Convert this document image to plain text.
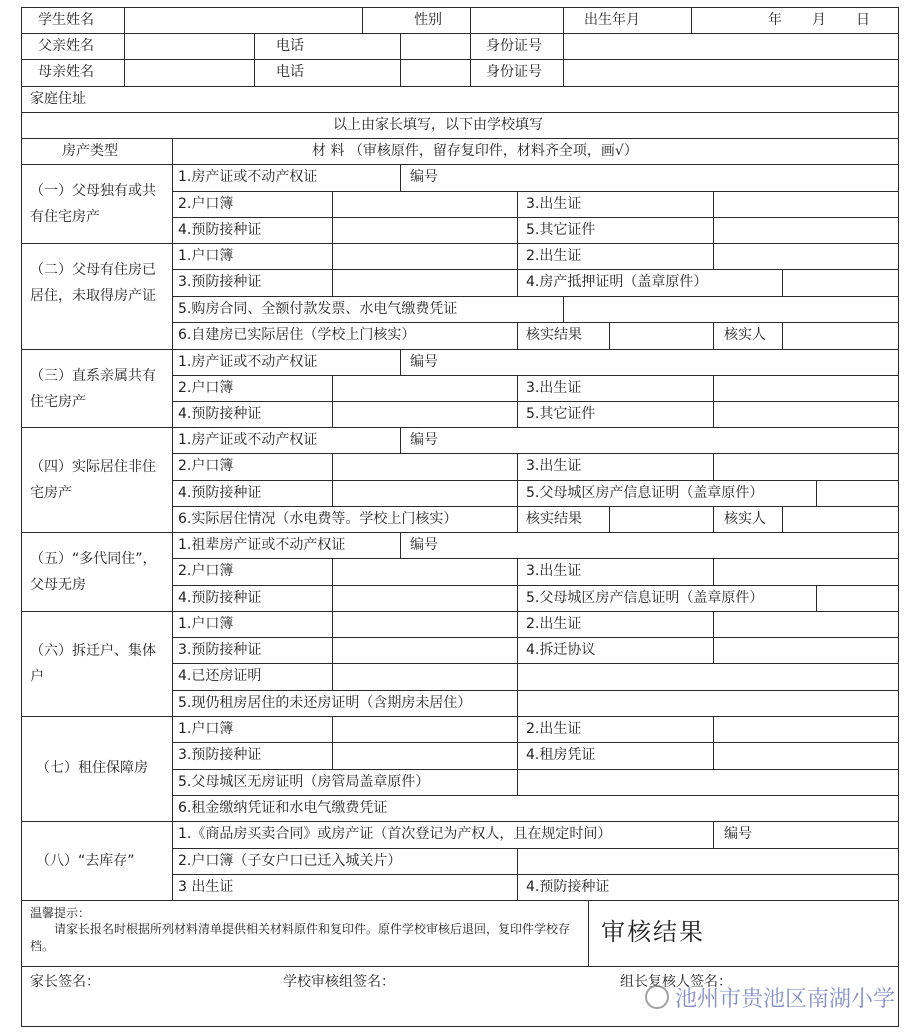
学生姓名	性别	出生年月	年 月 日
父亲姓名	电话	身份证号
母亲姓名	电话	身份证号
家庭住址
以上由家长填写，以下由学校填写
房产类型	材 料 （审核原件，留存复印件，材料齐全项，画√）
（一）父母独有或共有住宅房产
1.房产证或不动产权证	编号
2.户口簿	3.出生证
4.预防接种证	5.其它证件
（二）父母有住房已居住，未取得房产证
1.户口簿	2.出生证
3.预防接种证	4.房产抵押证明（盖章原件）
5.购房合同、全额付款发票、水电气缴费凭证
6.自建房已实际居住（学校上门核实）	核实结果	核实人
（三）直系亲属共有住宅房产
1.房产证或不动产权证	编号
2.户口簿	3.出生证
4.预防接种证	5.其它证件
（四）实际居住非住宅房产
1.房产证或不动产权证	编号
2.户口簿	3.出生证
4.预防接种证	5.父母城区房产信息证明（盖章原件）
6.实际居住情况（水电费等。学校上门核实）	核实结果	核实人
（五）“多代同住”，父母无房
1.祖辈房产证或不动产权证	编号
2.户口簿	3.出生证
4.预防接种证	5.父母城区房产信息证明（盖章原件）
（六）拆迁户、集体户
1.户口簿	2.出生证
3.预防接种证	4.拆迁协议
4.已还房证明
5.现仍租房居住的未还房证明（含期房未居住）
（七）租住保障房
1.户口簿	2.出生证
3.预防接种证	4.租房凭证
5.父母城区无房证明（房管局盖章原件）
6.租金缴纳凭证和水电气缴费凭证
（八）“去库存”
1.《商品房买卖合同》或房产证（首次登记为产权人，且在规定时间）	编号
2.户口簿（子女户口已迁入城关片）
3 出生证	4.预防接种证
温馨提示：
请家长报名时根据所列材料清单提供相关材料原件和复印件。原件学校审核后退回，复印件学校存档。	审核结果
家长签名：	学校审核组签名：	组长复核人签名：
池州市贵池区南湖小学
